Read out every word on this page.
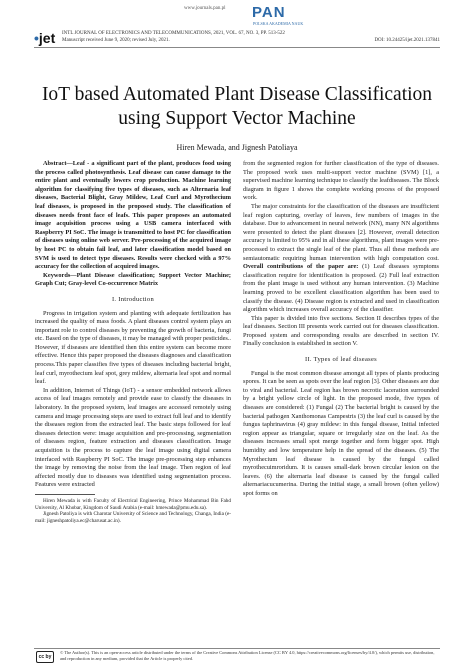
www.journals.pan.pl PAN
POLSKA AKADEMIA NAUK
•jet INTL JOURNAL OF ELECTRONICS AND TELECOMMUNICATIONS, 2021, VOL. 67, NO. 3, PP. 513-522
Manuscript received June 9, 2020; revised July, 2021.	DOI: 10.24425/ijet.2021.137841
IoT based Automated Plant Disease Classification using Support Vector Machine
Hiren Mewada, and Jignesh Patoliaya

Abstract—Leaf - a significant part of the plant, produces food using the process called photosynthesis. Leaf disease can cause damage to the entire plant and eventually lowers crop production. Machine learning algorithm for classifying five types of diseases, such as Alternaria leaf diseases, Bacterial Blight, Gray Mildew, Leaf Curl and Myrothecium leaf diseases, is proposed in the proposed study. The classification of diseases needs front face of leafs. This paper proposes an automated image acquisition process using a USB camera interfaced with Raspberry PI SoC. The image is transmitted to host PC for classification of diseases using online web server. Pre-processing of the acquired image by host PC to obtain fail leaf, and later classification model based on SVM is used to detect type diseases. Results were checked with a 97% accuracy for the collection of acquired images.

Keywords—Plant Disease classification; Support Vector Machine; Graph Cut; Gray-level Co-occurrence Matrix

I. Introduction

Progress in irrigation system and planting with adequate fertilization has increased the quality of mass foods. A plant diseases control system plays an important role to control diseases by preventing the growth of bacteria, fungi etc. Based on the type of diseases, it may be managed with proper pesticides.. However, if diseases are identified then this entire system can become more effective. Hence this paper proposed the diseases diagnoses and classification process.This paper classifies five types of diseases including bacterial bright, leaf curl, myrothecium leaf spot, grey mildew, alternaria leaf spot and normal leaf.

In addition, Internet of Things (IoT) - a sensor embedded network allows access of leaf images remotely and provide ease to classify the diseases in laboratory. In the proposed system, leaf images are accessed remotely using camera and image processing steps are used to extract full leaf and to identify the diseases region from the extracted leaf. The basic steps followed for leaf diseases detection were: image acquisition and pre-processing, segmentation of diseases region, feature extraction and diseases classification. Image acquisition is the process to capture the leaf image using digital camera interfaced with Raspberry PI SoC. The image pre-processing step enhances the image by removing the noise from the leaf image. Then region of leaf affected mostly due to diseases was identified using segmentation process. Features were extracted

Hiren Mewada is with Faculty of Electrical Engineering, Prince Mohammad Bin Fahd University, Al Khobar, Kingdom of Saudi Arabia (e-mail: hmewada@pmu.edu.sa).

Jignesh Patoliya is with Charotar University of Science and Technology, Changa, India (e-mail: jigneshpatoliya.ec@charusat.ac.in).

from the segmented region for further classification of the type of diseases. The proposed work uses multi-support vector machine (SVM) [1], a supervised machine learning technique to classify the leafdiseases. The Block diagram in figure 1 shows the complete working process of the proposed work.

The major constraints for the classification of the diseases are insufficient leaf region capturing, overlay of leaves, few numbers of images in the database. Due to advancement in neural network (NN), many NN algorithms were presented to detect the plant diseases [2]. However, overall detection accuracy is limited to 95% and in all these algorithms, plant images were pre-processed to extract the single leaf of the plant. Thus all these methods are semiautomatic requiring human intervention with high computation cost. Overall contributions of the paper are: (1) Leaf diseases symptoms classification require for identification is proposed. (2) Full leaf extraction from the plant image is used without any human intervention. (3) Machine learning proved to be excellent classification algorithm has been used to classify the disease. (4) Disease region is extracted and used in classification algorithm which increases overall accuracy of the classifier.

This paper is divided into five sections. Section II describes types of the leaf diseases. Section III presents work carried out for diseases classification. Proposed system and corresponding results are described in section IV. Finally conclusion is established in section V.

II. Types of leaf diseases

Fungal is the most common disease amongst all types of plants producing spores. It can be seen as spots over the leaf region [3]. Other diseases are due to viral and bacterial. Leaf region has brown necrotic laceration surrounded by a bright yellow circle of light. In the proposed mode, five types of diseases are considered: (1) Fungal (2) The bacterial bright is caused by the bacterial pathogen Xanthomonas Campestris (3) the leaf curl is caused by the fungus taphrinavirus (4) gray mildew: in this fungal disease, Initial infected region appear as triangular, square or irregularly size on the leaf. As the diseases increases small spot merge together and form bigger spot. High humidity and low temperature help in the spread of the diseases. (5) The Myrothecium leaf disease is caused by the fungal called myrothecuimroridum. It is causes small-dark brown circular lesion on the leaves. (6) the alternaria leaf disease is caused by the fungal called alternariacucumerina. During the initial stage, a small brown (often yellow) spot forms on

cc by
© The Author(s). This is an open-access article distributed under the terms of the Creative Commons Attribution License (CC BY 4.0, https://creativecommons.org/licenses/by/4.0/), which permits use, distribution, and reproduction in any medium, provided that the Article is properly cited.
